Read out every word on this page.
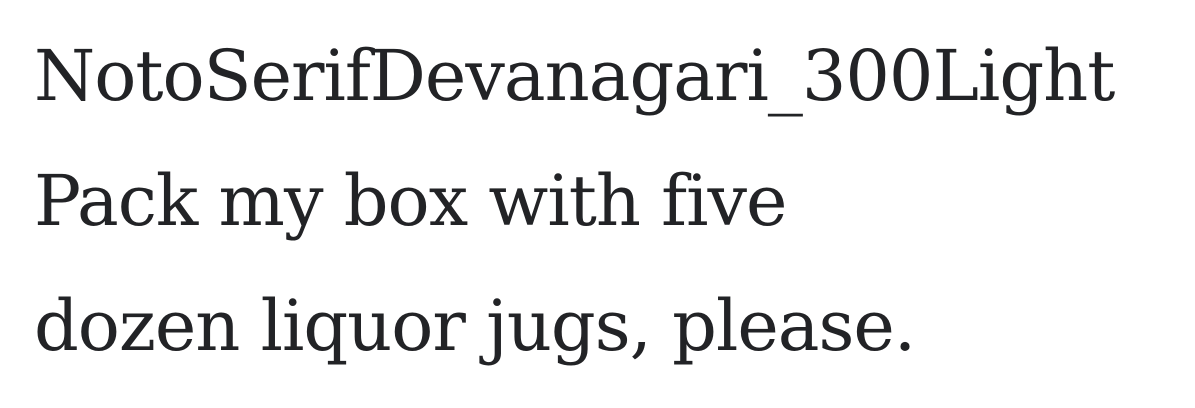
NotoSerifDevanagari_300Light
Pack my box with five
dozen liquor jugs, please.
